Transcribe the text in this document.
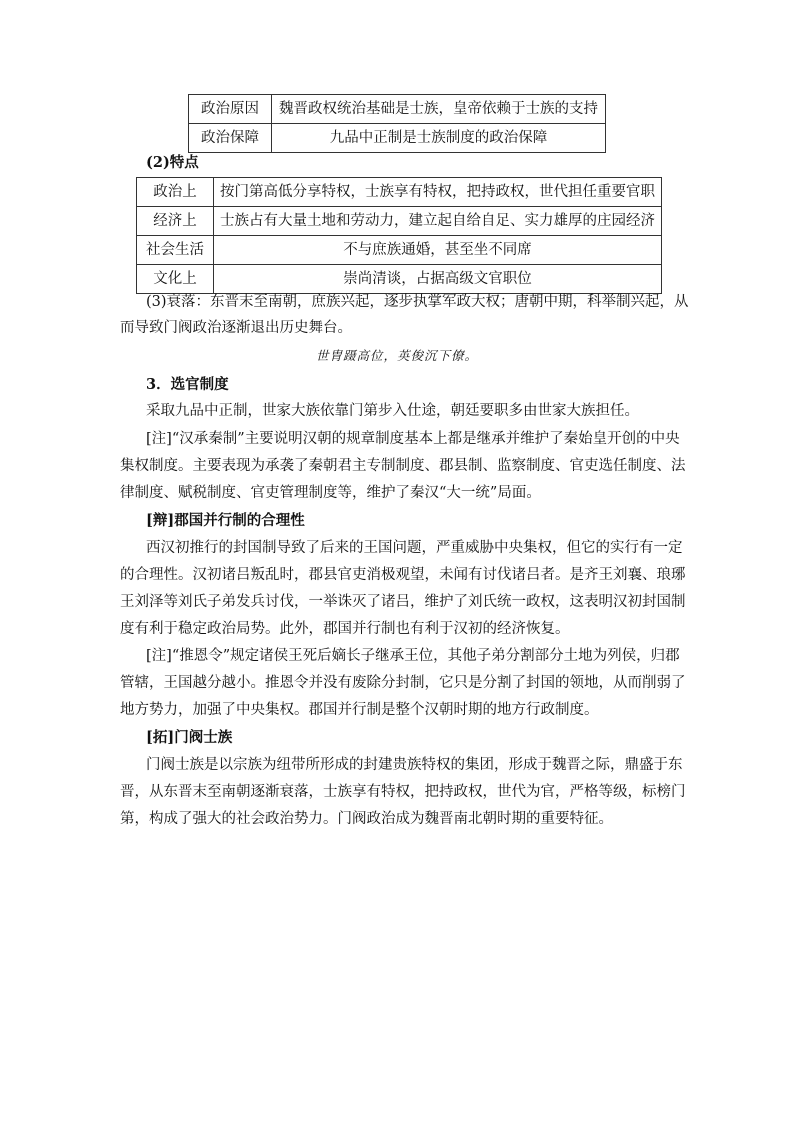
政治原因	魏晋政权统治基础是士族，皇帝依赖于士族的支持
政治保障	九品中正制是士族制度的政治保障
(2)特点
政治上	按门第高低分享特权，士族享有特权，把持政权，世代担任重要官职
经济上	士族占有大量土地和劳动力，建立起自给自足、实力雄厚的庄园经济
社会生活	不与庶族通婚，甚至坐不同席
文化上	崇尚清谈，占据高级文官职位
(3)衰落：东晋末至南朝，庶族兴起，逐步执掌军政大权；唐朝中期，科举制兴起，从
而导致门阀政治逐渐退出历史舞台。
世胄蹑高位，英俊沉下僚。
3．选官制度
采取九品中正制，世家大族依靠门第步入仕途，朝廷要职多由世家大族担任。
[注]“汉承秦制”主要说明汉朝的规章制度基本上都是继承并维护了秦始皇开创的中央
集权制度。主要表现为承袭了秦朝君主专制制度、郡县制、监察制度、官吏选任制度、法
律制度、赋税制度、官吏管理制度等，维护了秦汉“大一统”局面。
[辩]郡国并行制的合理性
西汉初推行的封国制导致了后来的王国问题，严重威胁中央集权，但它的实行有一定
的合理性。汉初诸吕叛乱时，郡县官吏消极观望，未闻有讨伐诸吕者。是齐王刘襄、琅琊
王刘泽等刘氏子弟发兵讨伐，一举诛灭了诸吕，维护了刘氏统一政权，这表明汉初封国制
度有利于稳定政治局势。此外，郡国并行制也有利于汉初的经济恢复。
[注]“推恩令”规定诸侯王死后嫡长子继承王位，其他子弟分割部分土地为列侯，归郡
管辖，王国越分越小。推恩令并没有废除分封制，它只是分割了封国的领地，从而削弱了
地方势力，加强了中央集权。郡国并行制是整个汉朝时期的地方行政制度。
[拓]门阀士族
门阀士族是以宗族为纽带所形成的封建贵族特权的集团，形成于魏晋之际，鼎盛于东
晋，从东晋末至南朝逐渐衰落，士族享有特权，把持政权，世代为官，严格等级，标榜门
第，构成了强大的社会政治势力。门阀政治成为魏晋南北朝时期的重要特征。
